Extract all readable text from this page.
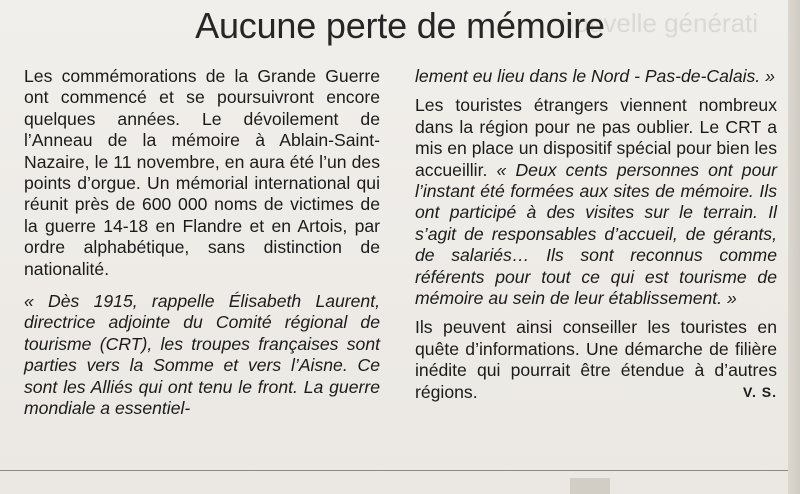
nouvelle générati
Aucune perte de mémoire

Les commémorations de la Grande Guerre ont commencé et se poursuivront encore quelques années. Le dévoilement de l’Anneau de la mémoire à Ablain-Saint-Nazaire, le 11 novembre, en aura été l’un des points d’orgue. Un mémorial international qui réunit près de 600 000 noms de victimes de la guerre 14-18 en Flandre et en Artois, par ordre alphabétique, sans distinction de nationalité.

« Dès 1915, rappelle Élisabeth Laurent, directrice adjointe du Comité régional de tourisme (CRT), les troupes françaises sont parties vers la Somme et vers l’Aisne. Ce sont les Alliés qui ont tenu le front. La guerre mondiale a essentiel-

lement eu lieu dans le Nord - Pas-de-Calais. »

Les touristes étrangers viennent nombreux dans la région pour ne pas oublier. Le CRT a mis en place un dispositif spécial pour bien les accueillir. « Deux cents personnes ont pour l’instant été formées aux sites de mémoire. Ils ont participé à des visites sur le terrain. Il s’agit de responsables d’accueil, de gérants, de salariés… Ils sont reconnus comme référents pour tout ce qui est tourisme de mémoire au sein de leur établissement. »

Ils peuvent ainsi conseiller les touristes en quête d’informations. Une démarche de filière inédite qui pourrait être étendue à d’autres régions.	V. S.
